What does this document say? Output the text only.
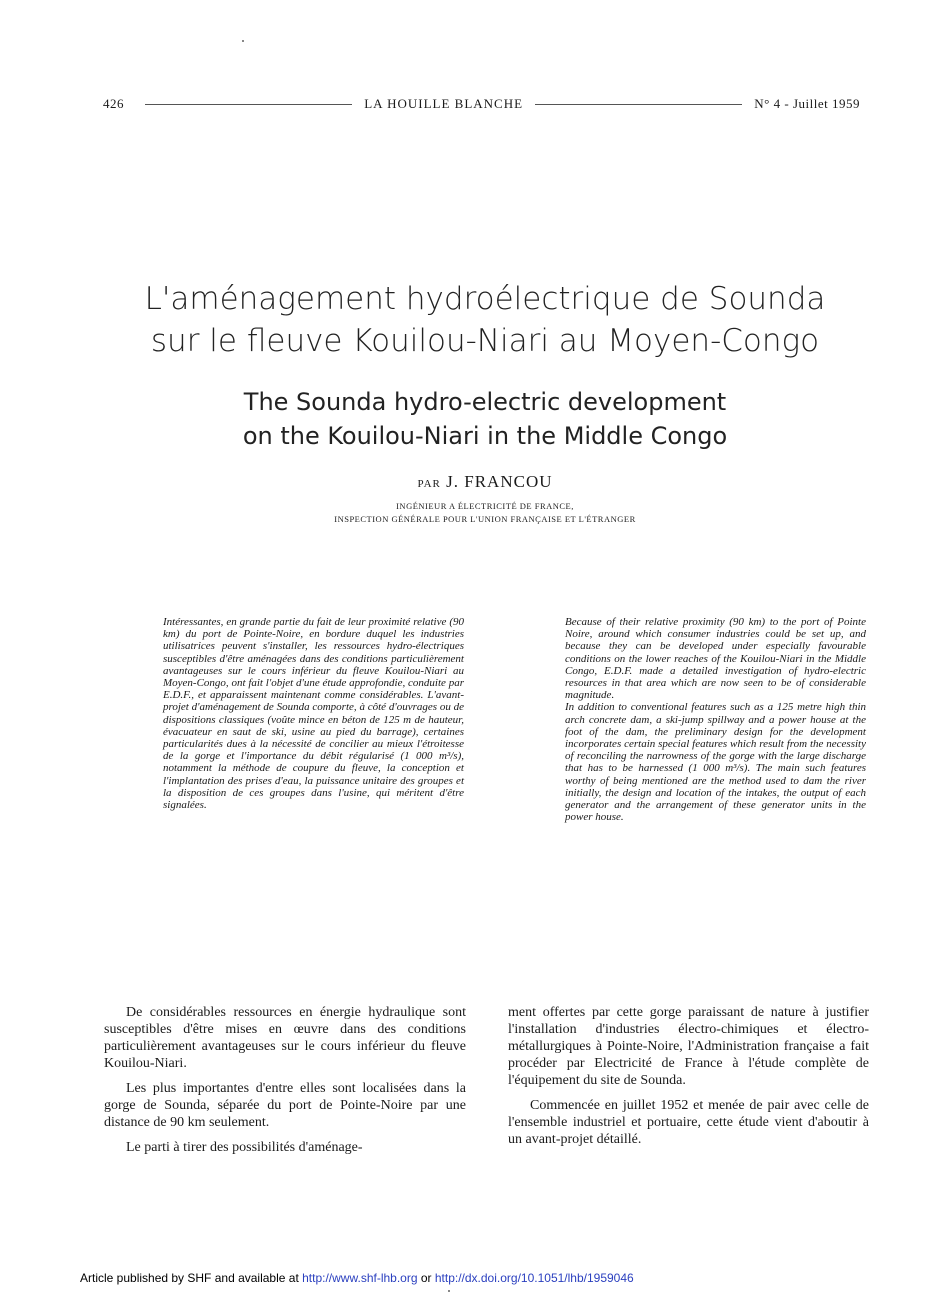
426	LA HOUILLE BLANCHE	N° 4 - Juillet 1959
L'aménagement hydroélectrique de Sounda
sur le fleuve Kouilou-Niari au Moyen-Congo
The Sounda hydro-electric development
on the Kouilou-Niari in the Middle Congo
PAR J. FRANCOU
INGÉNIEUR A ÉLECTRICITÉ DE FRANCE,
INSPECTION GÉNÉRALE POUR L'UNION FRANÇAISE ET L'ÉTRANGER

Intéressantes, en grande partie du fait de leur proximité relative (90 km) du port de Pointe-Noire, en bordure duquel les industries utilisatrices peuvent s'installer, les ressources hydro-électriques susceptibles d'être aménagées dans des conditions particulièrement avantageuses sur le cours inférieur du fleuve Kouilou-Niari au Moyen-Congo, ont fait l'objet d'une étude approfondie, conduite par E.D.F., et apparaissent maintenant comme considérables. L'avant-projet d'aménagement de Sounda comporte, à côté d'ouvrages ou de dispositions classiques (voûte mince en béton de 125 m de hauteur, évacuateur en saut de ski, usine au pied du barrage), certaines particularités dues à la nécessité de concilier au mieux l'étroitesse de la gorge et l'importance du débit régularisé (1 000 m³/s), notamment la méthode de coupure du fleuve, la conception et l'implantation des prises d'eau, la puissance unitaire des groupes et la disposition de ces groupes dans l'usine, qui méritent d'être signalées.

Because of their relative proximity (90 km) to the port of Pointe Noire, around which consumer industries could be set up, and because they can be developed under especially favourable conditions on the lower reaches of the Kouilou-Niari in the Middle Congo, E.D.F. made a detailed investigation of hydro-electric resources in that area which are now seen to be of considerable magnitude.

In addition to conventional features such as a 125 metre high thin arch concrete dam, a ski-jump spillway and a power house at the foot of the dam, the preliminary design for the development incorporates certain special features which result from the necessity of reconciling the narrowness of the gorge with the large discharge that has to be harnessed (1 000 m³/s). The main such features worthy of being mentioned are the method used to dam the river initially, the design and location of the intakes, the output of each generator and the arrangement of these generator units in the power house.

De considérables ressources en énergie hydraulique sont susceptibles d'être mises en œuvre dans des conditions particulièrement avantageuses sur le cours inférieur du fleuve Kouilou-Niari.

Les plus importantes d'entre elles sont localisées dans la gorge de Sounda, séparée du port de Pointe-Noire par une distance de 90 km seulement.

Le parti à tirer des possibilités d'aménage-

ment offertes par cette gorge paraissant de nature à justifier l'installation d'industries électro-chimiques et électro-métallurgiques à Pointe-Noire, l'Administration française a fait procéder par Electricité de France à l'étude complète de l'équipement du site de Sounda.

Commencée en juillet 1952 et menée de pair avec celle de l'ensemble industriel et portuaire, cette étude vient d'aboutir à un avant-projet détaillé.

Article published by SHF and available at http://www.shf-lhb.org or http://dx.doi.org/10.1051/lhb/1959046
